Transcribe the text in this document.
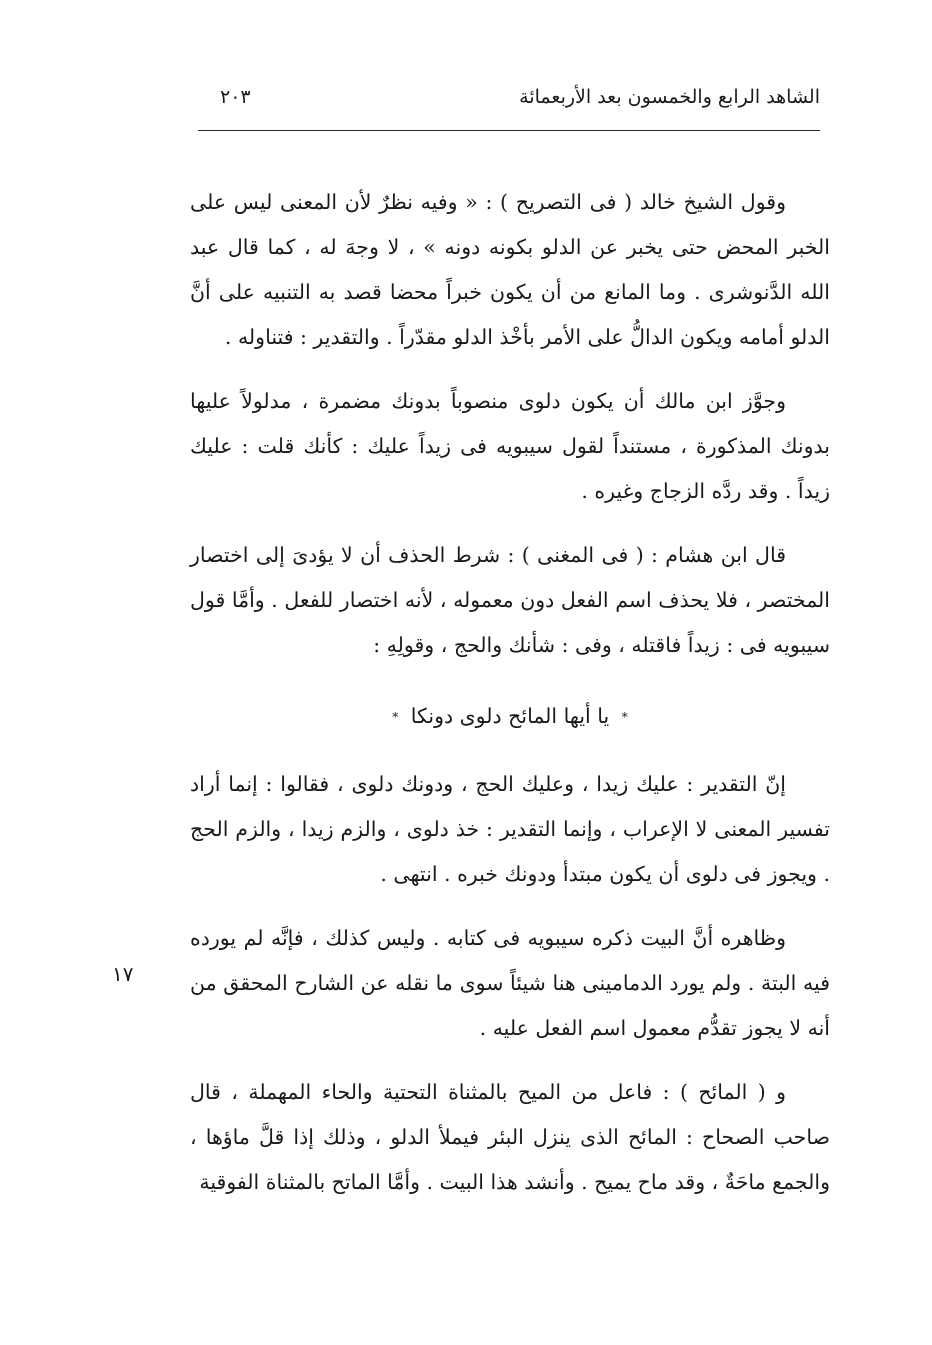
الشاهد الرابع والخمسون بعد الأربعمائة
٢٠٣

وقول الشيخ خالد ( فى التصريح ) : « وفيه نظرٌ لأن المعنى ليس على الخبر المحض حتى يخبر عن الدلو بكونه دونه » ، لا وجهَ له ، كما قال عبد الله الدَّنوشرى . وما المانع من أن يكون خبراً محضا قصد به التنبيه على أنَّ الدلو أمامه ويكون الدالُّ على الأمر بأخْذ الدلو مقدّراً . والتقدير : فتناوله .

وجوَّز ابن مالك أن يكون دلوى منصوباً بدونك مضمرة ، مدلولاً عليها بدونك المذكورة ، مستنداً لقول سيبويه فى زيداً عليك : كأنك قلت : عليك زيداً . وقد ردَّه الزجاج وغيره .

قال ابن هشام : ( فى المغنى ) : شرط الحذف أن لا يؤدىَ إلى اختصار المختصر ، فلا يحذف اسم الفعل دون معموله ، لأنه اختصار للفعل . وأمَّا قول سيبويه فى : زيداً فاقتله ، وفى : شأنك والحج ، وقولِهِ :

* يا أيها المائح دلوى دونكا *

إنّ التقدير : عليك زيدا ، وعليك الحج ، ودونك دلوى ، فقالوا : إنما أراد تفسير المعنى لا الإعراب ، وإنما التقدير : خذ دلوى ، والزم زيدا ، والزم الحج . ويجوز فى دلوى أن يكون مبتدأ ودونك خبره . انتهى .

وظاهره أنَّ البيت ذكره سيبويه فى كتابه . وليس كذلك ، فإنَّه لم يورده فيه البتة . ولم يورد الدمامينى هنا شيئاً سوى ما نقله عن الشارح المحقق من أنه لا يجوز تقدُّم معمول اسم الفعل عليه .

و ( المائح ) : فاعل من الميح بالمثناة التحتية والحاء المهملة ، قال صاحب الصحاح : المائح الذى ينزل البئر فيملأ الدلو ، وذلك إذا قلَّ ماؤها ، والجمع ماحَةٌ ، وقد ماح يميح . وأنشد هذا البيت . وأمَّا الماتح بالمثناة الفوقية

١٧
